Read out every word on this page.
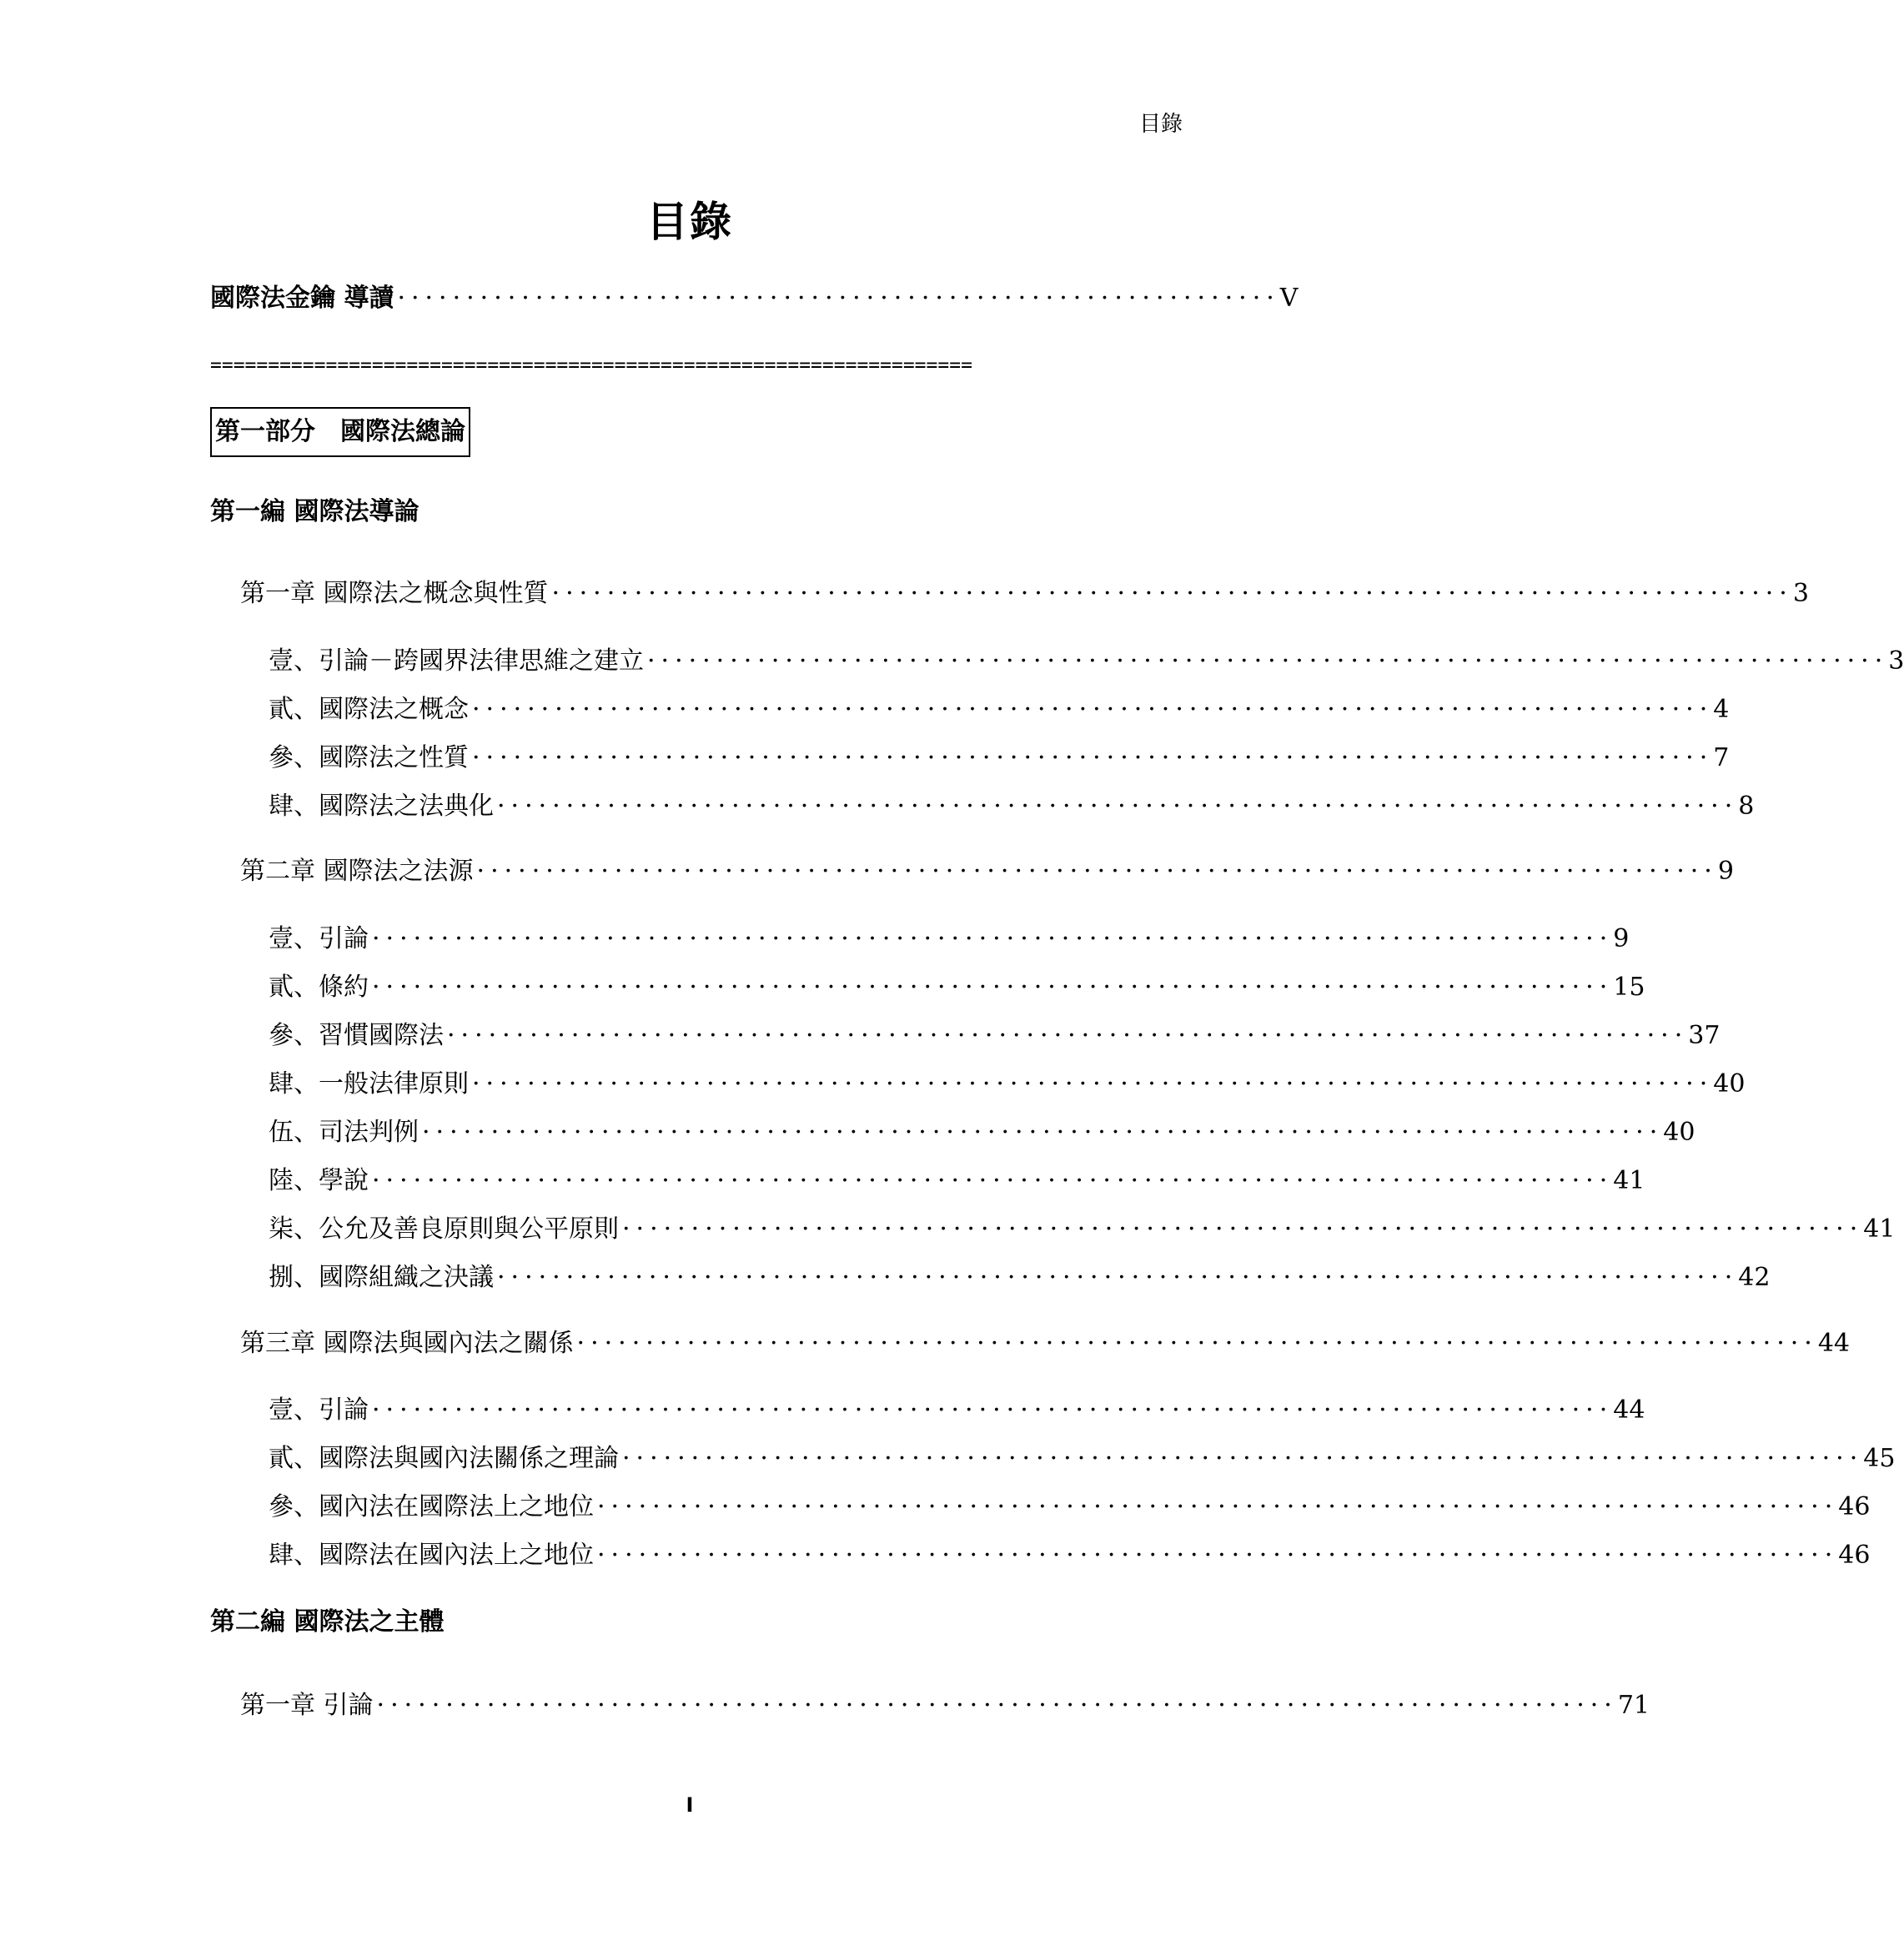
目錄
目錄
國際法金鑰 導讀 ································································ V
==================================================================
第一部分　國際法總論
第一編 國際法導論
第一章 國際法之概念與性質 ·························································································· 3
壹、引論－跨國界法律思維之建立 ·························································································· 3
貳、國際法之概念 ·························································································· 4
參、國際法之性質 ·························································································· 7
肆、國際法之法典化 ·························································································· 8
第二章 國際法之法源 ·························································································· 9
壹、引論 ·························································································· 9
貳、條約 ·························································································· 15
參、習慣國際法 ·························································································· 37
肆、一般法律原則 ·························································································· 40
伍、司法判例 ·························································································· 40
陸、學說 ·························································································· 41
柒、公允及善良原則與公平原則 ·························································································· 41
捌、國際組織之決議 ·························································································· 42
第三章 國際法與國內法之關係 ·························································································· 44
壹、引論 ·························································································· 44
貳、國際法與國內法關係之理論 ·························································································· 45
參、國內法在國際法上之地位 ·························································································· 46
肆、國際法在國內法上之地位 ·························································································· 46
第二編 國際法之主體
第一章 引論 ·························································································· 71
I
